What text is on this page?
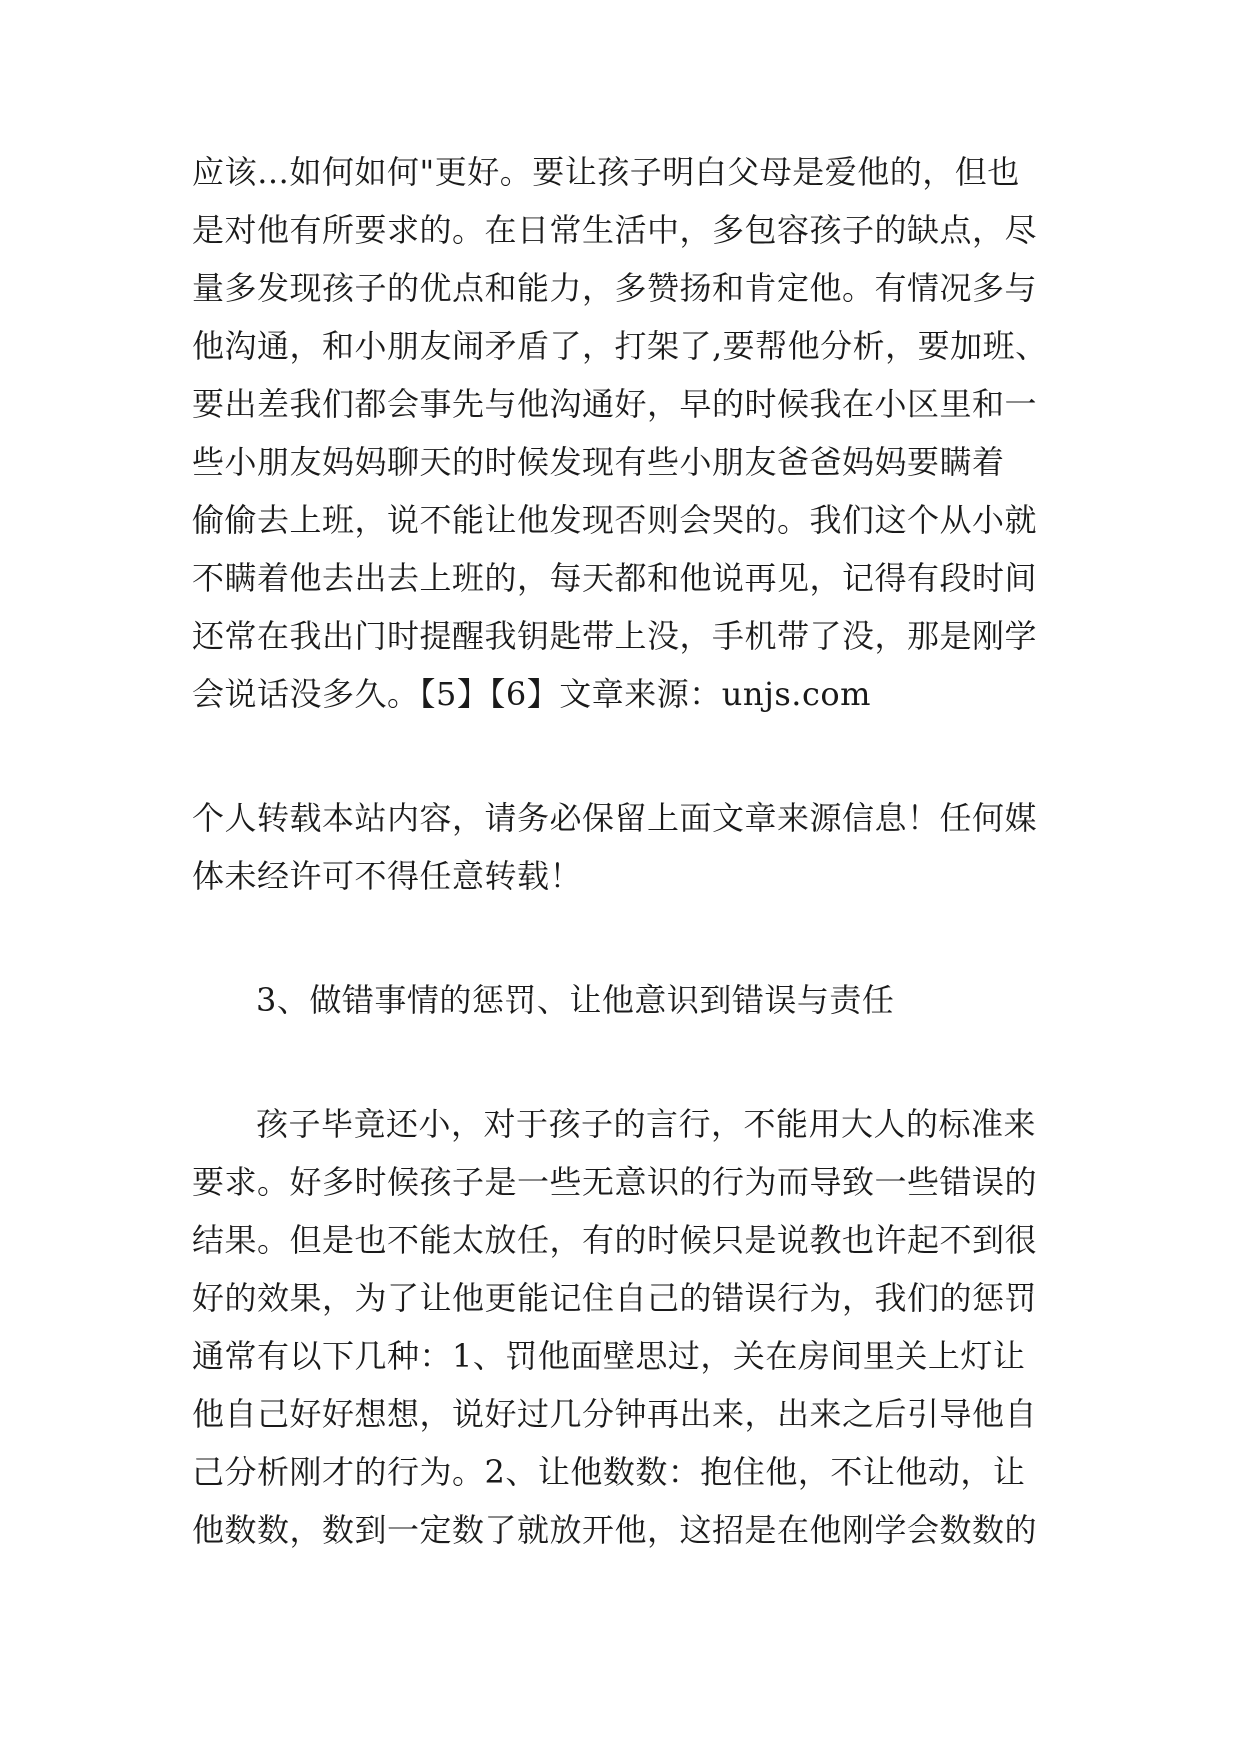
应该…如何如何"更好。要让孩子明白父母是爱他的，但也
是对他有所要求的。在日常生活中，多包容孩子的缺点，尽
量多发现孩子的优点和能力，多赞扬和肯定他。有情况多与
他沟通，和小朋友闹矛盾了，打架了,要帮他分析，要加班、
要出差我们都会事先与他沟通好，早的时候我在小区里和一
些小朋友妈妈聊天的时候发现有些小朋友爸爸妈妈要瞒着
偷偷去上班，说不能让他发现否则会哭的。我们这个从小就
不瞒着他去出去上班的，每天都和他说再见，记得有段时间
还常在我出门时提醒我钥匙带上没，手机带了没，那是刚学
会说话没多久。【5】【6】文章来源：unjs.com
个人转载本站内容，请务必保留上面文章来源信息！任何媒
体未经许可不得任意转载！
3、做错事情的惩罚、让他意识到错误与责任
孩子毕竟还小，对于孩子的言行，不能用大人的标准来
要求。好多时候孩子是一些无意识的行为而导致一些错误的
结果。但是也不能太放任，有的时候只是说教也许起不到很
好的效果，为了让他更能记住自己的错误行为，我们的惩罚
通常有以下几种：1、罚他面壁思过，关在房间里关上灯让
他自己好好想想，说好过几分钟再出来，出来之后引导他自
己分析刚才的行为。2、让他数数：抱住他，不让他动，让
他数数，数到一定数了就放开他，这招是在他刚学会数数的
